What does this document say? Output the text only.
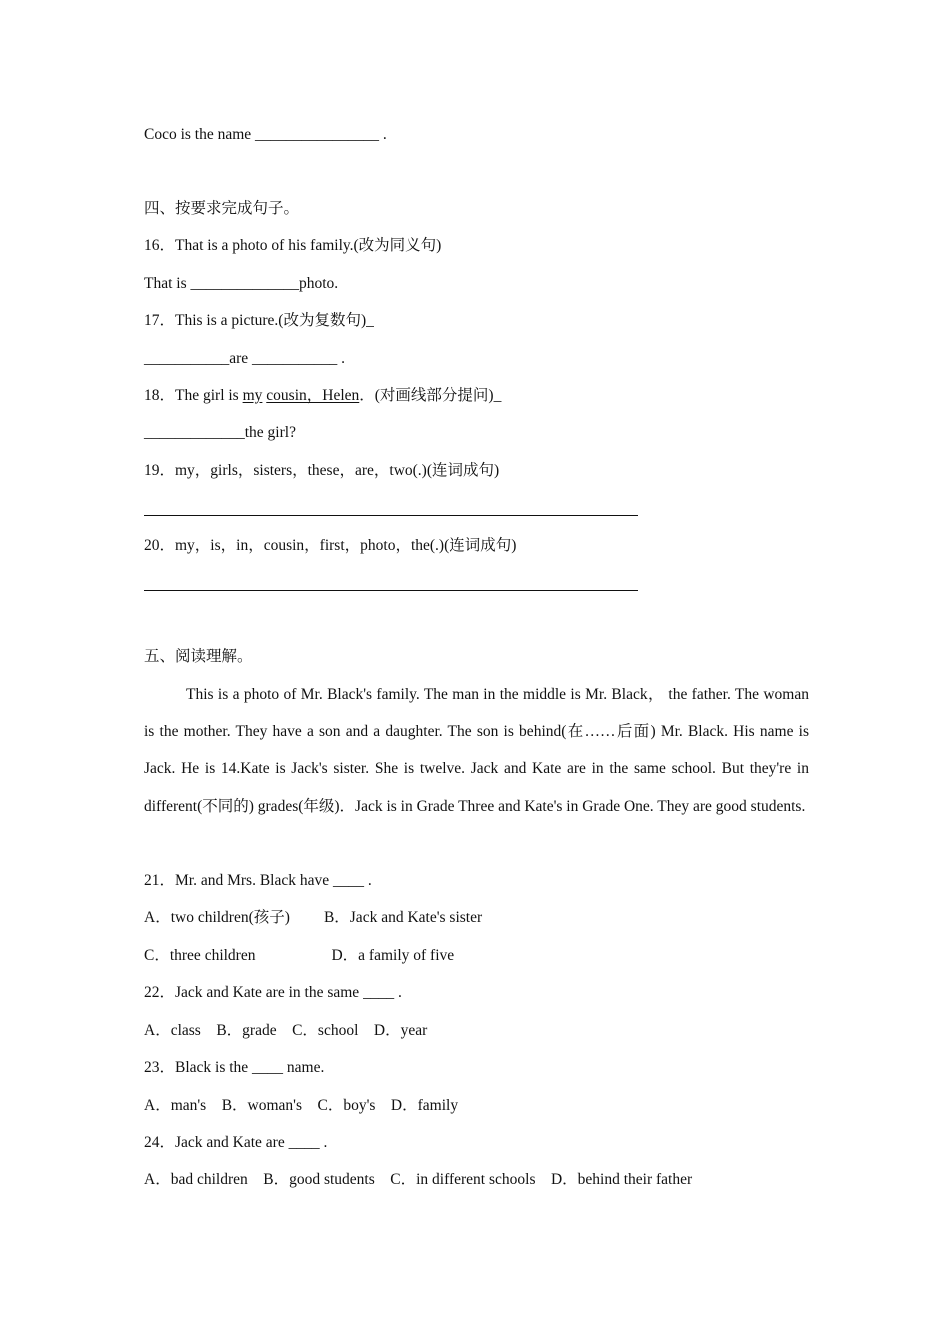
Coco is the name ________________ .
四、按要求完成句子。
16．That is a photo of his family.(改为同义句)
That is ______________photo.
17．This is a picture.(改为复数句)_
___________are ___________ .
18．The girl is my cousin，Helen．(对画线部分提问)_
_____________the girl?
19．my，girls，sisters，these，are，two(.)(连词成句)
20．my，is，in，cousin，first，photo，the(.)(连词成句)
五、阅读理解。
This is a photo of Mr. Black's family. The man in the middle is Mr. Black， the father. The woman is the mother. They have a son and a daughter. The son is behind(在……后面) Mr. Black. His name is Jack. He is 14.Kate is Jack's sister. She is twelve. Jack and Kate are in the same school. But they're in different(不同的) grades(年级)．Jack is in Grade Three and Kate's in Grade One. They are good students.
21．Mr. and Mrs. Black have ____ .
A．two children(孩子) B．Jack and Kate's sister
C．three children	D．a family of five
22．Jack and Kate are in the same ____ .
A．class　B．grade　C．school　D．year
23．Black is the ____ name.
A．man's　B．woman's　C．boy's　D．family
24．Jack and Kate are ____ .
A．bad children　B．good students　C．in different schools　D．behind their father
